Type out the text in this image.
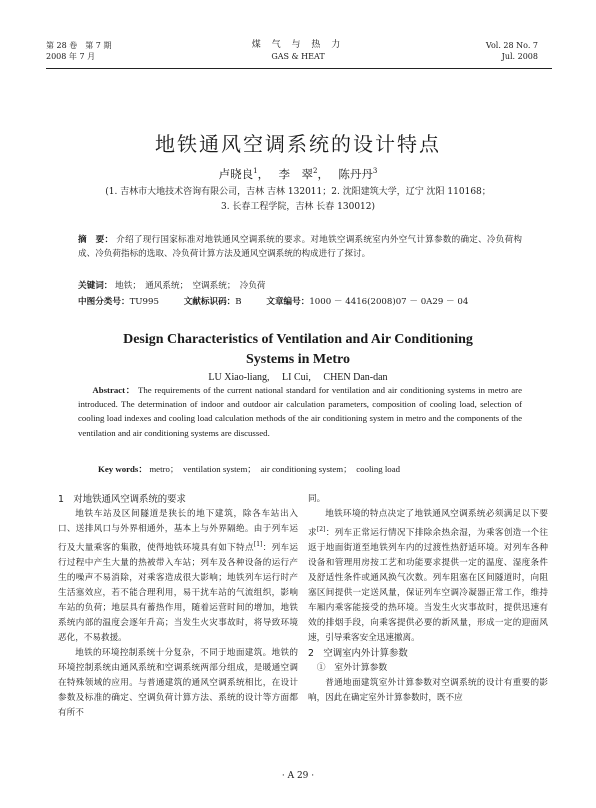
第 28 卷　第 7 期
2008 年 7 月
煤 气 与 热 力
GAS & HEAT
Vol. 28 No. 7
Jul. 2008
地铁通风空调系统的设计特点
卢晓良$^1$，　 李　翠$^2$，　 陈丹丹$^3$
(1. 吉林市大地技术咨询有限公司，吉林 吉林 132011；2. 沈阳建筑大学，辽宁 沈阳 110168；
3. 长春工程学院，吉林 长春 130012)
摘　要： 介绍了现行国家标准对地铁通风空调系统的要求。对地铁空调系统室内外空气计算参数的确定、冷负荷构成、冷负荷指标的选取、冷负荷计算方法及通风空调系统的构成进行了探讨。
关键词： 地铁；　通风系统；　空调系统；　冷负荷
中图分类号：TU995	文献标识码：B	文章编号：1000 － 4416(2008)07 － 0A29 － 04
Design Characteristics of Ventilation and Air Conditioning
Systems in Metro
LU Xiao-liang,　 LI Cui,　 CHEN Dan-dan
Abstract： The requirements of the current national standard for ventilation and air conditioning systems in metro are introduced. The determination of indoor and outdoor air calculation parameters, composition of cooling load, selection of cooling load indexes and cooling load calculation methods of the air conditioning system in metro and the components of the ventilation and air conditioning systems are discussed.
Key words： metro；　ventilation system；　air conditioning system；　cooling load
1　对地铁通风空调系统的要求

地铁车站及区间隧道是狭长的地下建筑，除各车站出入口、送排风口与外界相通外，基本上与外界隔绝。由于列车运行及大量乘客的集散，使得地铁环境具有如下特点[1]：列车运行过程中产生大量的热被带入车站；列车及各种设备的运行产生的噪声不易消除，对乘客造成很大影响；地铁列车运行时产生活塞效应，若不能合理利用，易干扰车站的气流组织，影响车站的负荷；地层具有蓄热作用，随着运营时间的增加，地铁系统内部的温度会逐年升高；当发生火灾事故时，将导致环境恶化，不易救援。

地铁的环境控制系统十分复杂，不同于地面建筑。地铁的环境控制系统由通风系统和空调系统两部分组成，是暖通空调在特殊领域的应用。与普通建筑的通风空调系统相比，在设计参数及标准的确定、空调负荷计算方法、系统的设计等方面都有所不

同。

地铁环境的特点决定了地铁通风空调系统必须满足以下要求[2]：列车正常运行情况下排除余热余湿，为乘客创造一个往返于地面街道至地铁列车内的过渡性热舒适环境。对列车各种设备和管理用房按工艺和功能要求提供一定的温度、湿度条件及舒适性条件或通风换气次数。列车阻塞在区间隧道时，向阻塞区间提供一定送风量，保证列车空调冷凝器正常工作，维持车厢内乘客能接受的热环境。当发生火灾事故时，提供迅速有效的排烟手段，向乘客提供必要的新风量，形成一定的迎面风速，引导乘客安全迅速撤离。

2　空调室内外计算参数
①　室外计算参数

普通地面建筑室外计算参数对空调系统的设计有重要的影响，因此在确定室外计算参数时，既不应

· A 29 ·
